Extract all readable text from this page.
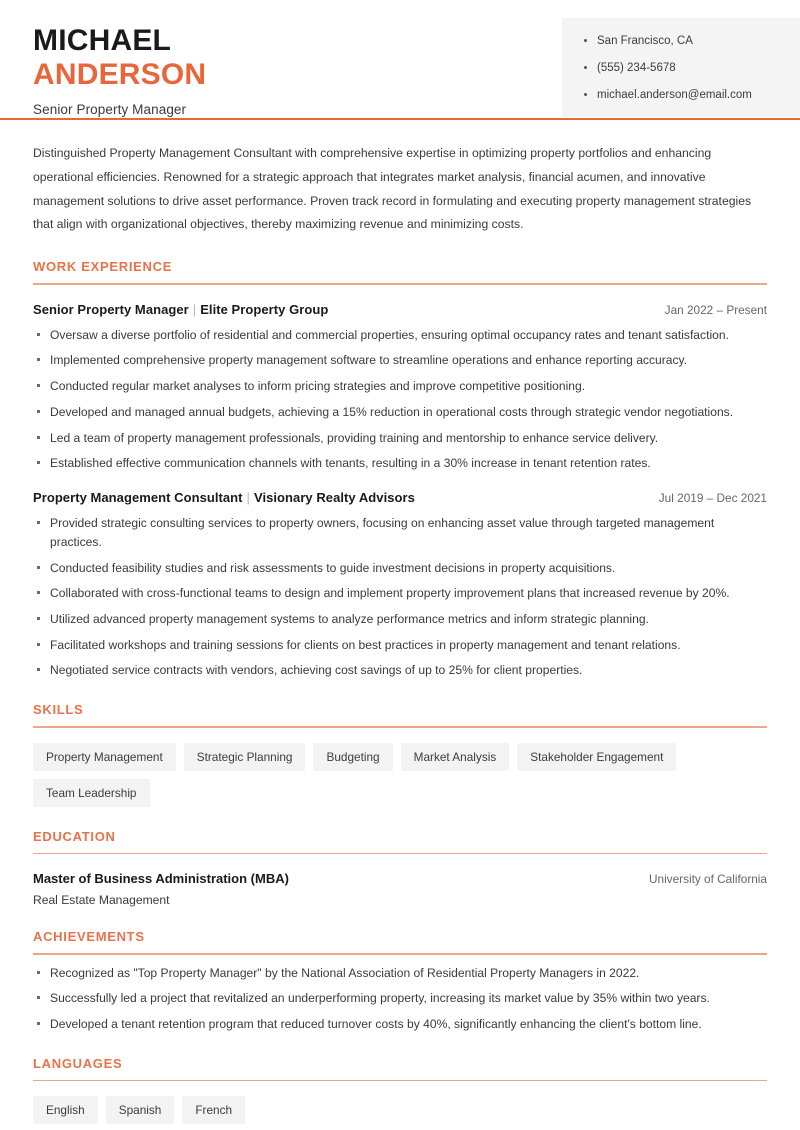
MICHAEL
ANDERSON
Senior Property Manager
San Francisco, CA
(555) 234-5678
michael.anderson@email.com
Distinguished Property Management Consultant with comprehensive expertise in optimizing property portfolios and enhancing operational efficiencies. Renowned for a strategic approach that integrates market analysis, financial acumen, and innovative management solutions to drive asset performance. Proven track record in formulating and executing property management strategies that align with organizational objectives, thereby maximizing revenue and minimizing costs.
WORK EXPERIENCE
Senior Property Manager | Elite Property Group	Jan 2022 – Present
Oversaw a diverse portfolio of residential and commercial properties, ensuring optimal occupancy rates and tenant satisfaction.
Implemented comprehensive property management software to streamline operations and enhance reporting accuracy.
Conducted regular market analyses to inform pricing strategies and improve competitive positioning.
Developed and managed annual budgets, achieving a 15% reduction in operational costs through strategic vendor negotiations.
Led a team of property management professionals, providing training and mentorship to enhance service delivery.
Established effective communication channels with tenants, resulting in a 30% increase in tenant retention rates.
Property Management Consultant | Visionary Realty Advisors	Jul 2019 – Dec 2021
Provided strategic consulting services to property owners, focusing on enhancing asset value through targeted management practices.
Conducted feasibility studies and risk assessments to guide investment decisions in property acquisitions.
Collaborated with cross-functional teams to design and implement property improvement plans that increased revenue by 20%.
Utilized advanced property management systems to analyze performance metrics and inform strategic planning.
Facilitated workshops and training sessions for clients on best practices in property management and tenant relations.
Negotiated service contracts with vendors, achieving cost savings of up to 25% for client properties.
SKILLS
Property Management	Strategic Planning	Budgeting	Market Analysis	Stakeholder Engagement
Team Leadership
EDUCATION
Master of Business Administration (MBA)	University of California
Real Estate Management
ACHIEVEMENTS
Recognized as "Top Property Manager" by the National Association of Residential Property Managers in 2022.
Successfully led a project that revitalized an underperforming property, increasing its market value by 35% within two years.
Developed a tenant retention program that reduced turnover costs by 40%, significantly enhancing the client's bottom line.
LANGUAGES
English	Spanish	French
